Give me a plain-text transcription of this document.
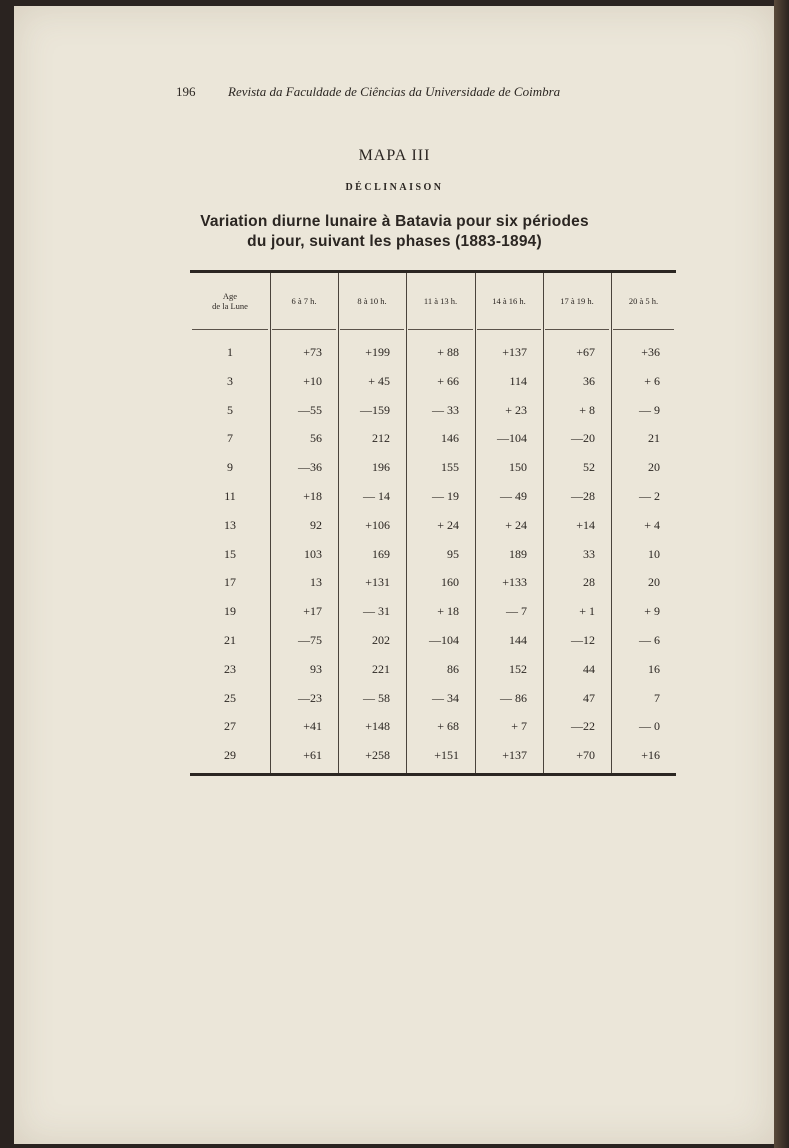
196	Revista da Faculdade de Ciências da Universidade de Coimbra
MAPA III
DÉCLINAISON
Variation diurne lunaire à Batavia pour six périodes
du jour, suivant les phases (1883-1894)
Age
de la Lune	6 à 7 h.	8 à 10 h.	11 à 13 h.	14 à 16 h.	17 à 19 h.	20 à 5 h.
1	+73	+199	+ 88	+137	+67	+36
3	+10	+ 45	+ 66	114	36	+ 6
5	—55	—159	— 33	+ 23	+ 8	— 9
7	56	212	146	—104	—20	21
9	—36	196	155	150	52	20
11	+18	— 14	— 19	— 49	—28	— 2
13	92	+106	+ 24	+ 24	+14	+ 4
15	103	169	95	189	33	10
17	13	+131	160	+133	28	20
19	+17	— 31	+ 18	— 7	+ 1	+ 9
21	—75	202	—104	144	—12	— 6
23	93	221	86	152	44	16
25	—23	— 58	— 34	— 86	47	7
27	+41	+148	+ 68	+ 7	—22	— 0
29	+61	+258	+151	+137	+70	+16
